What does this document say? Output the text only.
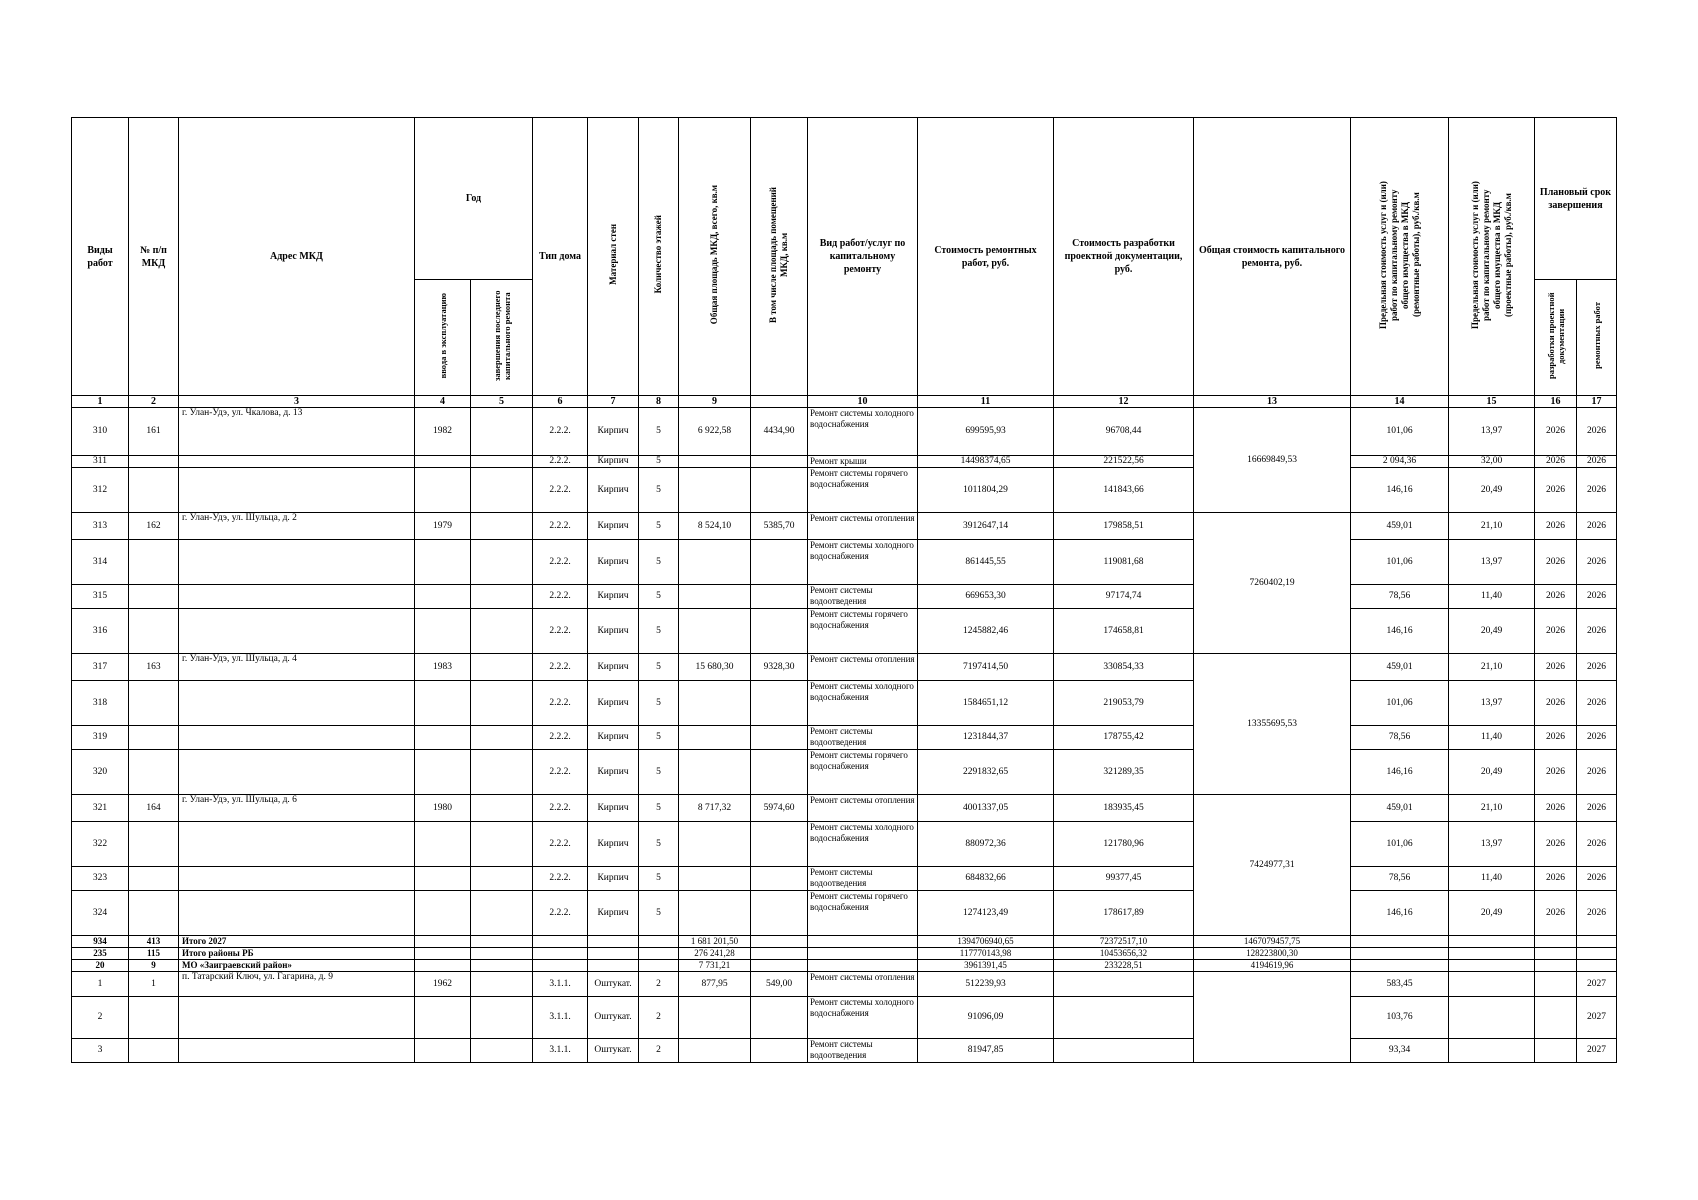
Виды работ	№ п/п МКД	Адрес МКД	Год		Тип дома	Материал стен	Количество этажей	Общая площадь МКД, всего, кв.м	В том числе площадь помещений МКД, кв.м	Вид работ/услуг по капитальному ремонту	Стоимость ремонтных работ, руб.	Стоимость разработки проектной документации, руб.	Общая стоимость капитального ремонта, руб.	Предельная стоимость услуг и (или) работ по капитальному ремонту общего имущества в МКД (ремонтные работы), руб./кв.м	Предельная стоимость услуг и (или) работ по капитальному ремонту общего имущества в МКД (проектные работы), руб./кв.м	Плановый срок завершения	
			ввода в эксплуатацию	завершения последнего капитального ремонта												разработки проектной документации	ремонтных работ
1	2	3	4	5	6	7	8	9		10	11	12	13	14	15	16	17
310	161	г. Улан-Удэ, ул. Чкалова, д. 13	1982		2.2.2.	Кирпич	5	6 922,58	4434,90	Ремонт системы холодного водоснабжения	699595,93	96708,44	16669849,53	101,06	13,97	2026	2026
311					2.2.2.	Кирпич	5			Ремонт крыши	14498374,65	221522,56		2 094,36	32,00	2026	2026
312					2.2.2.	Кирпич	5			Ремонт системы горячего водоснабжения	1011804,29	141843,66		146,16	20,49	2026	2026
313	162	г. Улан-Удэ, ул. Шульца, д. 2	1979		2.2.2.	Кирпич	5	8 524,10	5385,70	Ремонт системы отопления	3912647,14	179858,51	7260402,19	459,01	21,10	2026	2026
314					2.2.2.	Кирпич	5			Ремонт системы холодного водоснабжения	861445,55	119081,68		101,06	13,97	2026	2026
315					2.2.2.	Кирпич	5			Ремонт системы водоотведения	669653,30	97174,74		78,56	11,40	2026	2026
316					2.2.2.	Кирпич	5			Ремонт системы горячего водоснабжения	1245882,46	174658,81		146,16	20,49	2026	2026
317	163	г. Улан-Удэ, ул. Шульца, д. 4	1983		2.2.2.	Кирпич	5	15 680,30	9328,30	Ремонт системы отопления	7197414,50	330854,33	13355695,53	459,01	21,10	2026	2026
318					2.2.2.	Кирпич	5			Ремонт системы холодного водоснабжения	1584651,12	219053,79		101,06	13,97	2026	2026
319					2.2.2.	Кирпич	5			Ремонт системы водоотведения	1231844,37	178755,42		78,56	11,40	2026	2026
320					2.2.2.	Кирпич	5			Ремонт системы горячего водоснабжения	2291832,65	321289,35		146,16	20,49	2026	2026
321	164	г. Улан-Удэ, ул. Шульца, д. 6	1980		2.2.2.	Кирпич	5	8 717,32	5974,60	Ремонт системы отопления	4001337,05	183935,45	7424977,31	459,01	21,10	2026	2026
322					2.2.2.	Кирпич	5			Ремонт системы холодного водоснабжения	880972,36	121780,96		101,06	13,97	2026	2026
323					2.2.2.	Кирпич	5			Ремонт системы водоотведения	684832,66	99377,45		78,56	11,40	2026	2026
324					2.2.2.	Кирпич	5			Ремонт системы горячего водоснабжения	1274123,49	178617,89		146,16	20,49	2026	2026
934	413	Итого 2027						1 681 201,50			1394706940,65	72372517,10	1467079457,75				
235	115	Итого районы РБ						276 241,28			117770143,98	10453656,32	128223800,30				
20	9	МО «Заиграевский район»						7 731,21			3961391,45	233228,51	4194619,96				
1	1	п. Татарский Ключ, ул. Гагарина, д. 9	1962		3.1.1.	Оштукат.	2	877,95	549,00	Ремонт системы отопления	512239,93			583,45			2027
2					3.1.1.	Оштукат.	2			Ремонт системы холодного водоснабжения	91096,09			103,76			2027
3					3.1.1.	Оштукат.	2			Ремонт системы водоотведения	81947,85			93,34			2027
